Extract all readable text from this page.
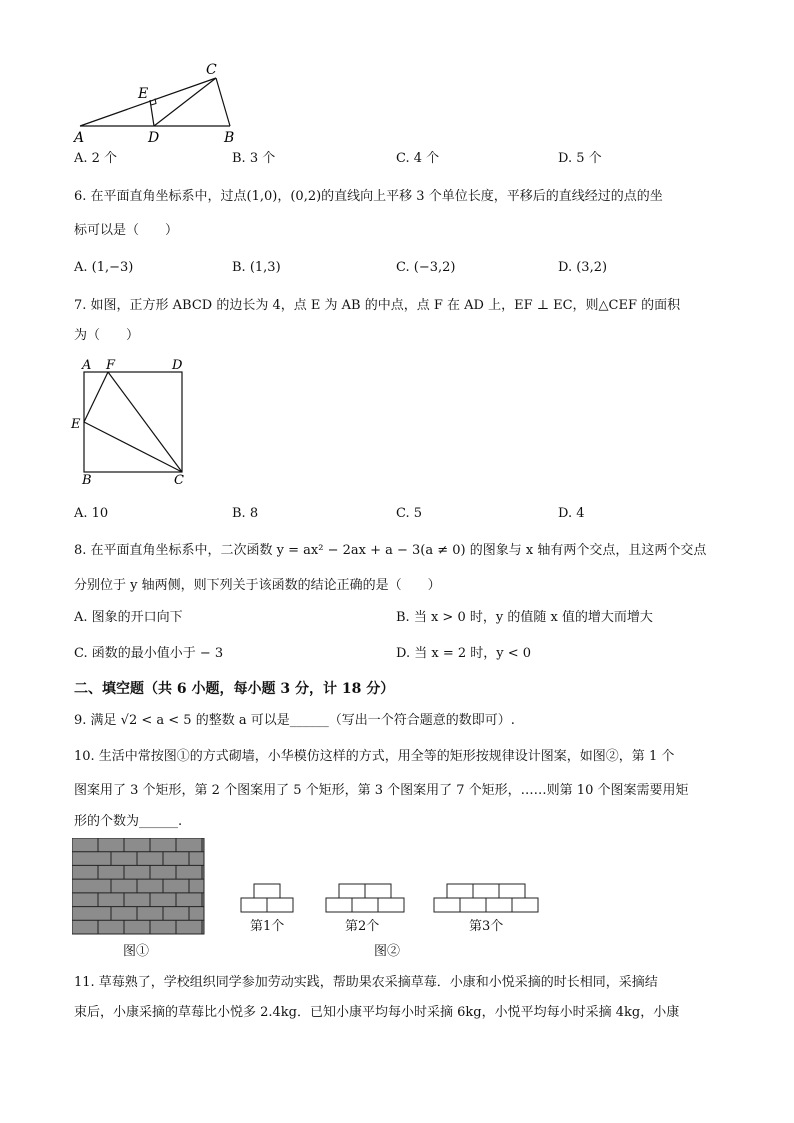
C
E
A	D	B
A. 2 个	B. 3 个	C. 4 个	D. 5 个
6. 在平面直角坐标系中，过点(1,0)，(0,2)的直线向上平移 3 个单位长度，平移后的直线经过的点的坐
标可以是（　　）
A. (1,−3)	B. (1,3)	C. (−3,2)	D. (3,2)
7. 如图，正方形 ABCD 的边长为 4，点 E 为 AB 的中点，点 F 在 AD 上，EF ⊥ EC，则△CEF 的面积
为（　　）
A F	D
E
B	C
A. 10	B. 8	C. 5	D. 4
8. 在平面直角坐标系中，二次函数 y = ax² − 2ax + a − 3(a ≠ 0) 的图象与 x 轴有两个交点，且这两个交点
分别位于 y 轴两侧，则下列关于该函数的结论正确的是（　　）
A. 图象的开口向下	B. 当 x > 0 时，y 的值随 x 值的增大而增大
C. 函数的最小值小于 − 3	D. 当 x = 2 时，y < 0
二、填空题（共 6 小题，每小题 3 分，计 18 分）
9. 满足 √2 < a < 5 的整数 a 可以是______（写出一个符合题意的数即可）.
10. 生活中常按图①的方式砌墙，小华模仿这样的方式，用全等的矩形按规律设计图案，如图②，第 1 个
图案用了 3 个矩形，第 2 个图案用了 5 个矩形，第 3 个图案用了 7 个矩形，……则第 10 个图案需要用矩
形的个数为______.
图①
第1个	第2个	第3个
图②
11. 草莓熟了，学校组织同学参加劳动实践，帮助果农采摘草莓．小康和小悦采摘的时长相同，采摘结
束后，小康采摘的草莓比小悦多 2.4kg．已知小康平均每小时采摘 6kg，小悦平均每小时采摘 4kg，小康
